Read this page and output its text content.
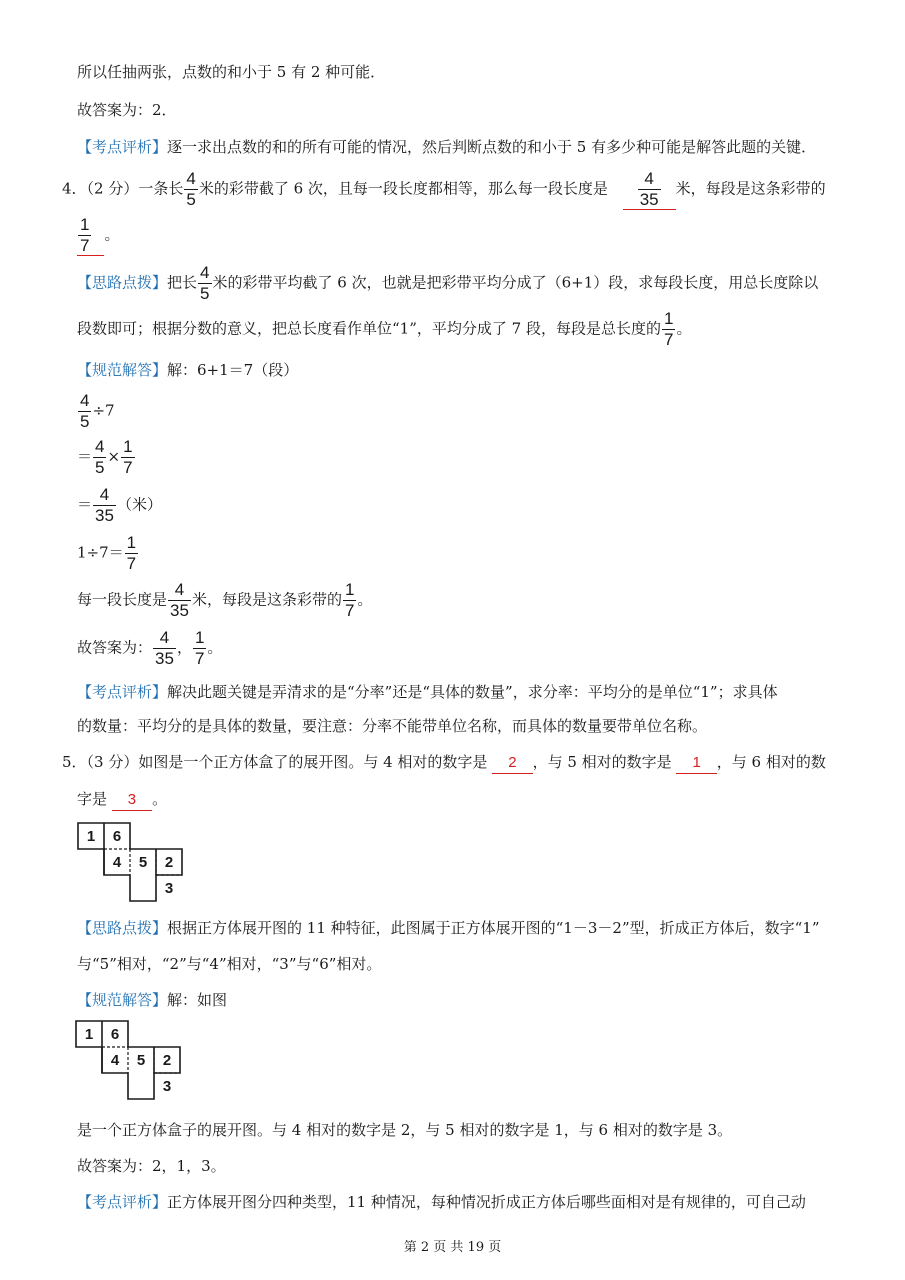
所以任抽两张，点数的和小于 5 有 2 种可能．
故答案为：2．
【考点评析】逐一求出点数的和的所有可能的情况，然后判断点数的和小于 5 有多少种可能是解答此题的关键．
4．（2 分）一条长 $\frac{4}{5}$ 米的彩带截了 6 次，且每一段长度都相等，那么每一段长度是 $\frac{4}{35}$ 米，每段是这条彩带的
$\frac{1}{7}$ 。
【思路点拨】把长 $\frac{4}{5}$ 米的彩带平均截了 6 次，也就是把彩带平均分成了（6+1）段，求每段长度，用总长度除以
段数即可；根据分数的意义，把总长度看作单位“1”，平均分成了 7 段，每段是总长度的 $\frac{1}{7}$ 。
【规范解答】解：6+1＝7（段）
$\frac{4}{5} \div 7$
＝ $\frac{4}{5} \times \frac{1}{7}$
＝ $\frac{4}{35}$ （米）
$1\div 7= \frac{1}{7}$
每一段长度是 $\frac{4}{35}$ 米，每段是这条彩带的 $\frac{1}{7}$ 。
故答案为： $\frac{4}{35}$ ， $\frac{1}{7}$ 。
【考点评析】解决此题关键是弄清求的是“分率”还是“具体的数量”，求分率：平均分的是单位“1”；求具体
的数量：平均分的是具体的数量，要注意：分率不能带单位名称，而具体的数量要带单位名称。
5．（3 分）如图是一个正方体盒了的展开图。与 4 相对的数字是 2 ，与 5 相对的数字是 1 ，与 6 相对的数
字是 3 。
1	6
4	5	2
3
【思路点拨】根据正方体展开图的 11 种特征，此图属于正方体展开图的“1－3－2”型，折成正方体后，数字“1”
与“5”相对，“2”与“4”相对，“3”与“6”相对。
【规范解答】解：如图
1	6
4	5	2
3
是一个正方体盒子的展开图。与 4 相对的数字是 2，与 5 相对的数字是 1，与 6 相对的数字是 3。
故答案为：2，1，3。
【考点评析】正方体展开图分四种类型，11 种情况，每种情况折成正方体后哪些面相对是有规律的，可自己动
第 2 页 共 19 页
